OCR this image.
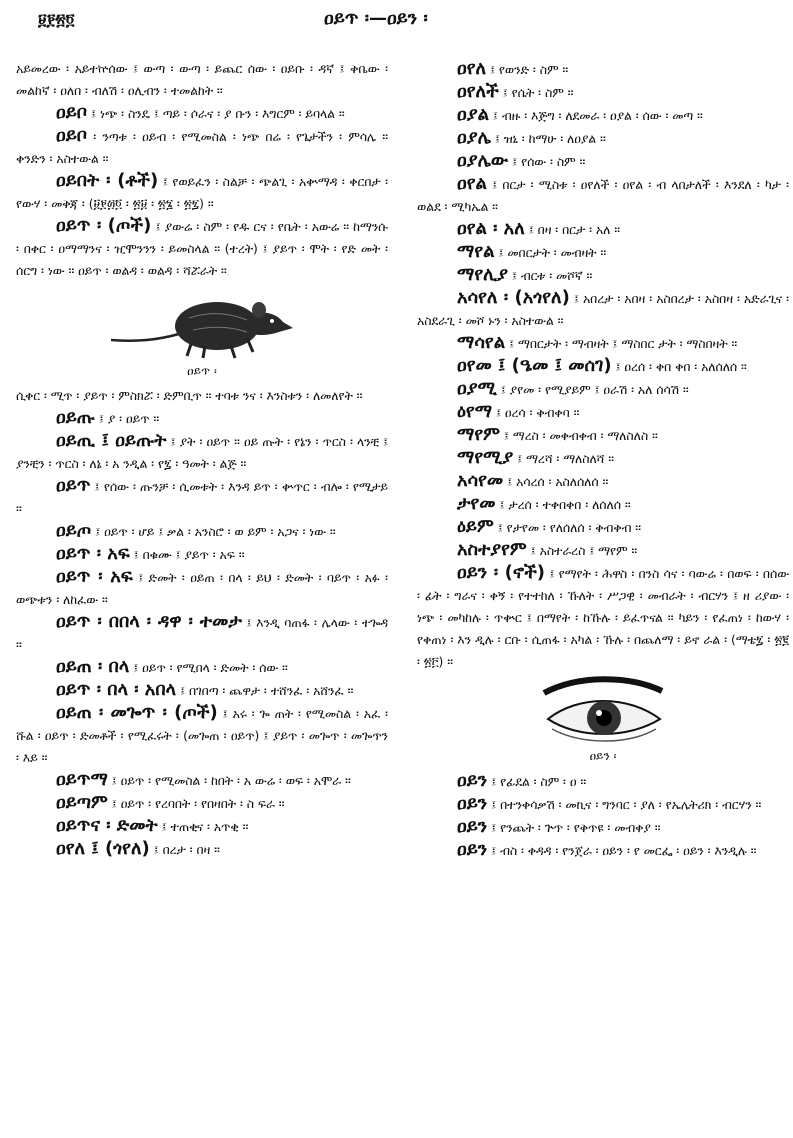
፱፻፳፬	ዐይጥ ፡—ዐይን ፡

አይመረው ፡ አይተኵሰው ፤ ውጣ ፡ ውጣ ፡ ይጨር ሰው ፡ ዐይቡ ፡ ዳኛ ፤ ቅቤው ፡ መልከኛ ፡ ዐለበ ፡ ብለሽ ፡ ዐሊብን ፡ ተመልከት ።

ዐይቦ ፤ ነጭ ፡ ስንዴ ፤ ጣይ ፡ ሶራና ፡ ያ ቡን ፡ እግርም ፡ ይባላል ።

ዐይቦ ፡ ንጣቱ ፡ ዐይብ ፡ የሚመስል ፡ ነጭ በሬ ፡ የጌታችን ፡ ምሳሌ ። ቀንድን ፡ አስተውል ።

ዐይበት ፡ (ቶች) ፤ የወይፈን ፡ ስልቻ ፡ ጭልጊ ፡ አቍማዳ ፡ ቀርበታ ፡ የውሃ ፡ መቅጃ ፡ (፱፻፴፬ ፡ ፳፱ ፡ ፳፮ ፡ ፳፯) ።

ዐይጥ ፡ (ጦች) ፤ ያውሬ ፡ ስም ፡ የዱ ርና ፡ የቤት ፡ አውሬ ። ከማንሱ ፡ በቀር ፡ ዐማማንና ፡ ዢሞንንን ፡ ይመስላል ። (ተረት) ፤ ያይጥ ፡ ሞት ፡ የድ መት ፡ ሰርግ ፡ ነው ። ዐይጥ ፡ ወልዳ ፡ ወልዳ ፡ ሻሯራት ።

ዐይጥ ፡

ሲቀር ፡ ሚጥ ፡ ያይጥ ፡ ምስክሯ ፡ ድምቢጥ ። ተባቱ ንና ፡ እንስቱን ፡ ለመለየት ።

ዐይጡ ፤ ያ ፡ ዐይጥ ።

ዐይጢ ፤ ዐይጡት ፤ ያት ፡ ዐይጥ ። ዐይ ጡት ፡ የኔን ፡ ጥርስ ፡ ላንቺ ፤ ያንቺን ፡ ጥርስ ፡ ለኔ ፡ አ ንዲል ፡ የ፯ ፡ ዓመት ፡ ልጅ ።

ዐይጥ ፤ የሰው ፡ ጡንቻ ፡ ሲመቱት ፡ እንዳ ይጥ ፡ ቍጥር ፡ ብሎ ፡ የሚታይ ።

ዐይጦ ፤ ዐይጥ ፡ ሆይ ፤ ቃል ፡ አንስሮ ፡ ወ ይም ፡ አጋና ፡ ነው ።

ዐይጥ ፡ አፍ ፤ በቁሙ ፤ ያይጥ ፡ አፍ ።

ዐይጥ ፡ አፍ ፤ ድመት ፡ ዐይጠ ፡ በላ ፡ ይህ ፡ ድመት ፡ ባይጥ ፡ አፉ ፡ ወጭቱን ፡ ለከፈው ።

ዐይጥ ፡ በበላ ፡ ዳዋ ፡ ተመታ ፤ እንዲ ባጠፋ ፡ ሌላው ፡ ተጐዳ ።

ዐይጠ ፡ በላ ፤ ዐይጥ ፡ የሚበላ ፡ ድመት ፡ ሰው ።

ዐይጥ ፡ በላ ፡ አበላ ፤ በገበጣ ፡ ጨዋታ ፡ ተሸንፈ ፡ አሸንፈ ።

ዐይጠ ፡ መጐጥ ፡ (ጦች) ፤ አሩ ፡ ጐ ጠት ፡ የሚመስል ፡ አፈ ፡ ሹል ፡ ዐይጥ ፡ ድመቶች ፡ የሚፈሩት ፡ (መጐጠ ፡ ዐይጥ) ፤ ያይጥ ፡ መጐጥ ፡ መጐጥን ፡ እይ ።

ዐይጥማ ፤ ዐይጥ ፡ የሚመስል ፡ ከበት ፡ አ ውሬ ፡ ወፍ ፡ አሞራ ።

ዐይጣም ፤ ዐይጥ ፡ የረባበት ፡ የበዛበት ፡ ስ ፍራ ።

ዐይጥና ፡ ድመት ፤ ተጠቂና ፡ አጥቂ ።

ዐየለ ፤ (ጎየለ) ፤ በረታ ፡ በዛ ።

ዐየለ ፤ የወንድ ፡ ስም ።

ዐየለች ፤ የሴት ፡ ስም ።

ዐያል ፤ ብዙ ፡ እጅግ ፡ ለደመራ ፡ ዐያል ፡ ሰው ፡ መጣ ።

ዐያሌ ፤ ዝኒ ፡ ከማሁ ፡ ለዐያል ።

ዐያሌው ፤ የሰው ፡ ስም ።

ዐየል ፤ በርታ ፡ ሚስቱ ፡ ዐየለች ፡ ዐየል ፡ ብ ላበታለች ፡ እንደለ ፡ ካታ ፡ ወልደ ፡ ሚካኤል ።

ዐየል ፡ አለ ፤ በዛ ፡ በርታ ፡ አለ ።

ማየል ፤ መበርታት ፡ መብዛት ።

ማየሊያ ፤ ብርቱ ፡ መሾኛ ።

አሳየለ ፡ (አጎየለ) ፤ አበረታ ፡ አበዛ ፡ አስበረታ ፡ አስበዛ ፡ አድራጊና ፡ አስደራጊ ፡ መሾ ኑን ፡ አስተውል ።

ማሳየል ፤ ማበርታት ፡ ማብዛት ፤ ማስበር ታት ፡ ማስበዛት ።

ዐየመ ፤ (ዔመ ፤ መሰገ) ፤ ዐረሰ ፡ ቀበ ቀበ ፡ አለሰለሰ ።

ዐያሚ ፤ ያየመ ፡ የሚያይም ፤ ዐራሽ ፡ አለ ሰሳሽ ።

ዕየማ ፤ ዐረሳ ፡ ቅብቀባ ።

ማየም ፤ ማረስ ፡ መቀብቀብ ፡ ማለስለስ ።

ማየሚያ ፤ ማረሻ ፡ ማለስለሻ ።

አሳየመ ፤ አሳረሰ ፡ አስለሰለሰ ።

ታየመ ፤ ታረሰ ፡ ተቀበቀበ ፡ ለሰለሰ ።

ዕይም ፤ የታየመ ፡ የለሰለሰ ፡ ቅብቅብ ።

አስተያየም ፤ አስተራረስ ፤ ማየም ።

ዐይን ፡ (ኖች) ፤ የማየት ፡ ሕዋስ ፡ በንስ ሳና ፡ ባውሬ ፡ በወፍ ፡ በሰው ፡ ፊት ፡ ግራና ፡ ቀኝ ፡ የተተከለ ፡ ኹለት ፡ ሥጋዊ ፡ መብራት ፡ ብርሃን ፤ ዘ ሪያው ፡ ነጭ ፡ መካከሉ ፡ ጥቍር ፤ በማየት ፡ ከኹሉ ፡ ይፈጥናል ። ካይን ፡ የፈጠነ ፡ ከውሃ ፡ የቀጠነ ፡ እን ዲሉ ፡ ርቡ ፡ ሲጠፋ ፡ አካል ፡ ኹሉ ፡ በጨለማ ፡ ይኖ ራል ፡ (ማቴ፯ ፡ ፳፪ ፡ ፳፫) ።

ዐይን ፡

ዐይን ፤ የፊደል ፡ ስም ፡ ዐ ።

ዐይን ፤ በተንቀሳቃሽ ፡ መኪና ፡ ግንባር ፡ ያለ ፡ የኤሌትሪክ ፡ ብርሃን ።

ዐይን ፤ የንጨት ፡ ጕጥ ፡ የቅጥዩ ፡ መብቀያ ።

ዐይን ፤ ብስ ፡ ቀዳዳ ፡ የንጀራ ፡ ዐይን ፡ የ መርፌ ፡ ዐይን ፡ እንዲሉ ።
